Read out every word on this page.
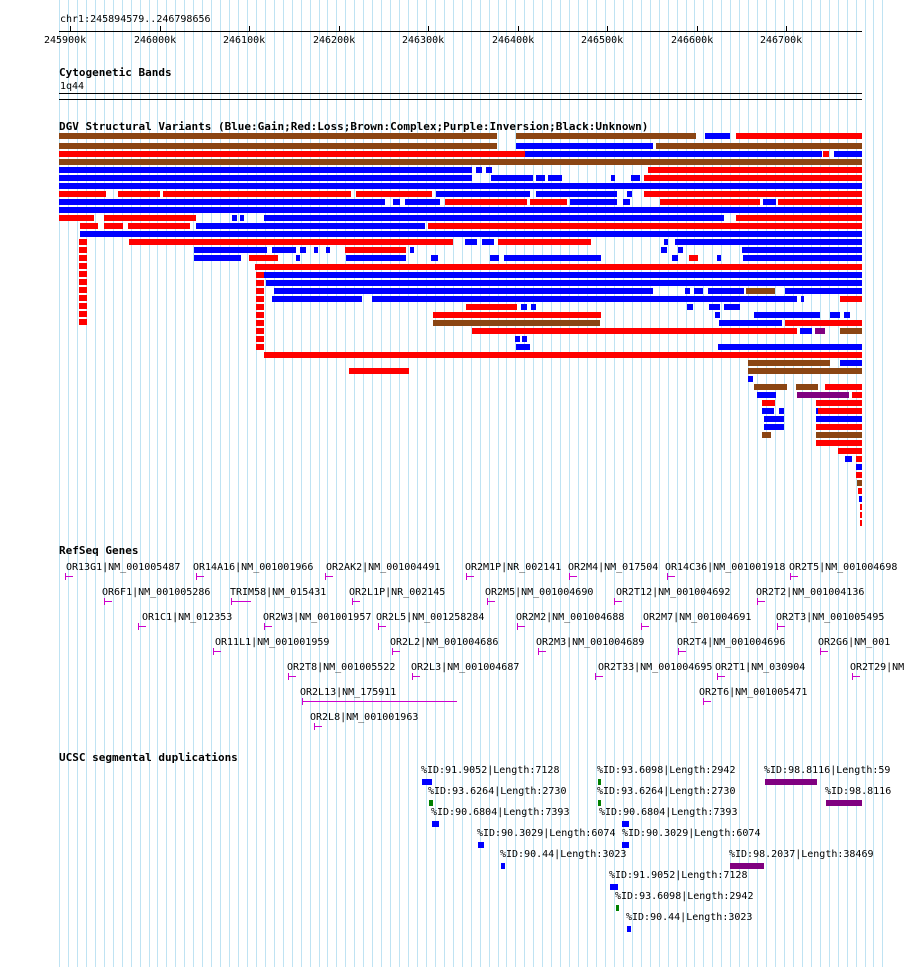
chr1:245894579..246798656
245900k	246000k	246100k	246200k	246300k	246400k	246500k	246600k	246700k
Cytogenetic Bands
1q44
DGV Structural Variants (Blue:Gain;Red:Loss;Brown:Complex;Purple:Inversion;Black:Unknown)
RefSeq Genes
OR13G1|NM_001005487 OR14A16|NM_001001966 OR2AK2|NM_001004491 OR2M1P|NR_002141 OR2M4|NM_017504 OR14C36|NM_001001918 OR2T5|NM_001004698
OR6F1|NM_001005286 TRIM58|NM_015431 OR2L1P|NR_002145	OR2M5|NM_001004690 OR2T12|NM_001004692	OR2T2|NM_001004136
OR1C1|NM_012353	OR2W3|NM_001001957 OR2L5|NM_001258284	OR2M2|NM_001004688 OR2M7|NM_001004691 OR2T3|NM_001005495
OR11L1|NM_001001959	OR2L2|NM_001004686	OR2M3|NM_001004689	OR2T4|NM_001004696	OR2G6|NM_001
OR2T8|NM_001005522 OR2L3|NM_001004687	OR2T33|NM_001004695 OR2T1|NM_030904	OR2T29|NM
OR2L13|NM_175911	OR2T6|NM_001005471
OR2L8|NM_001001963
UCSC segmental duplications
%ID:91.9052|Length:7128	%ID:93.6098|Length:2942	%ID:98.8116|Length:59
%ID:93.6264|Length:2730	%ID:93.6264|Length:2730	%ID:98.8116
%ID:90.6804|Length:7393	%ID:90.6804|Length:7393
%ID:90.3029|Length:6074 %ID:90.3029|Length:6074
%ID:90.44|Length:3023	%ID:98.2037|Length:38469
%ID:91.9052|Length:7128
%ID:93.6098|Length:2942
%ID:90.44|Length:3023
